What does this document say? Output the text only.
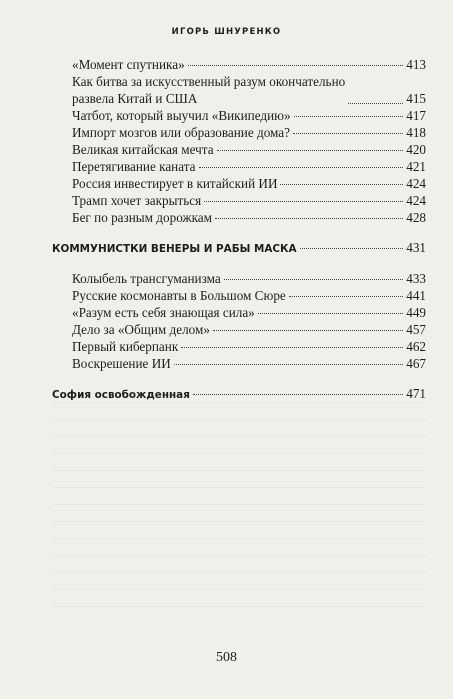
ИГОРЬ ШНУРЕНКО
«Момент спутника»	413
Как битва за искусственный разум окончательно
развела Китай и США	415
Чатбот, который выучил «Википедию»	417
Импорт мозгов или образование дома?	418
Великая китайская мечта	420
Перетягивание каната	421
Россия инвестирует в китайский ИИ	424
Трамп хочет закрыться	424
Бег по разным дорожкам	428
КОММУНИСТКИ ВЕНЕРЫ И РАБЫ МАСКА	431
Колыбель трансгуманизма	433
Русские космонавты в Большом Сюре	441
«Разум есть себя знающая сила»	449
Дело за «Общим делом»	457
Первый киберпанк	462
Воскрешение ИИ	467
София освобожденная	471
508
